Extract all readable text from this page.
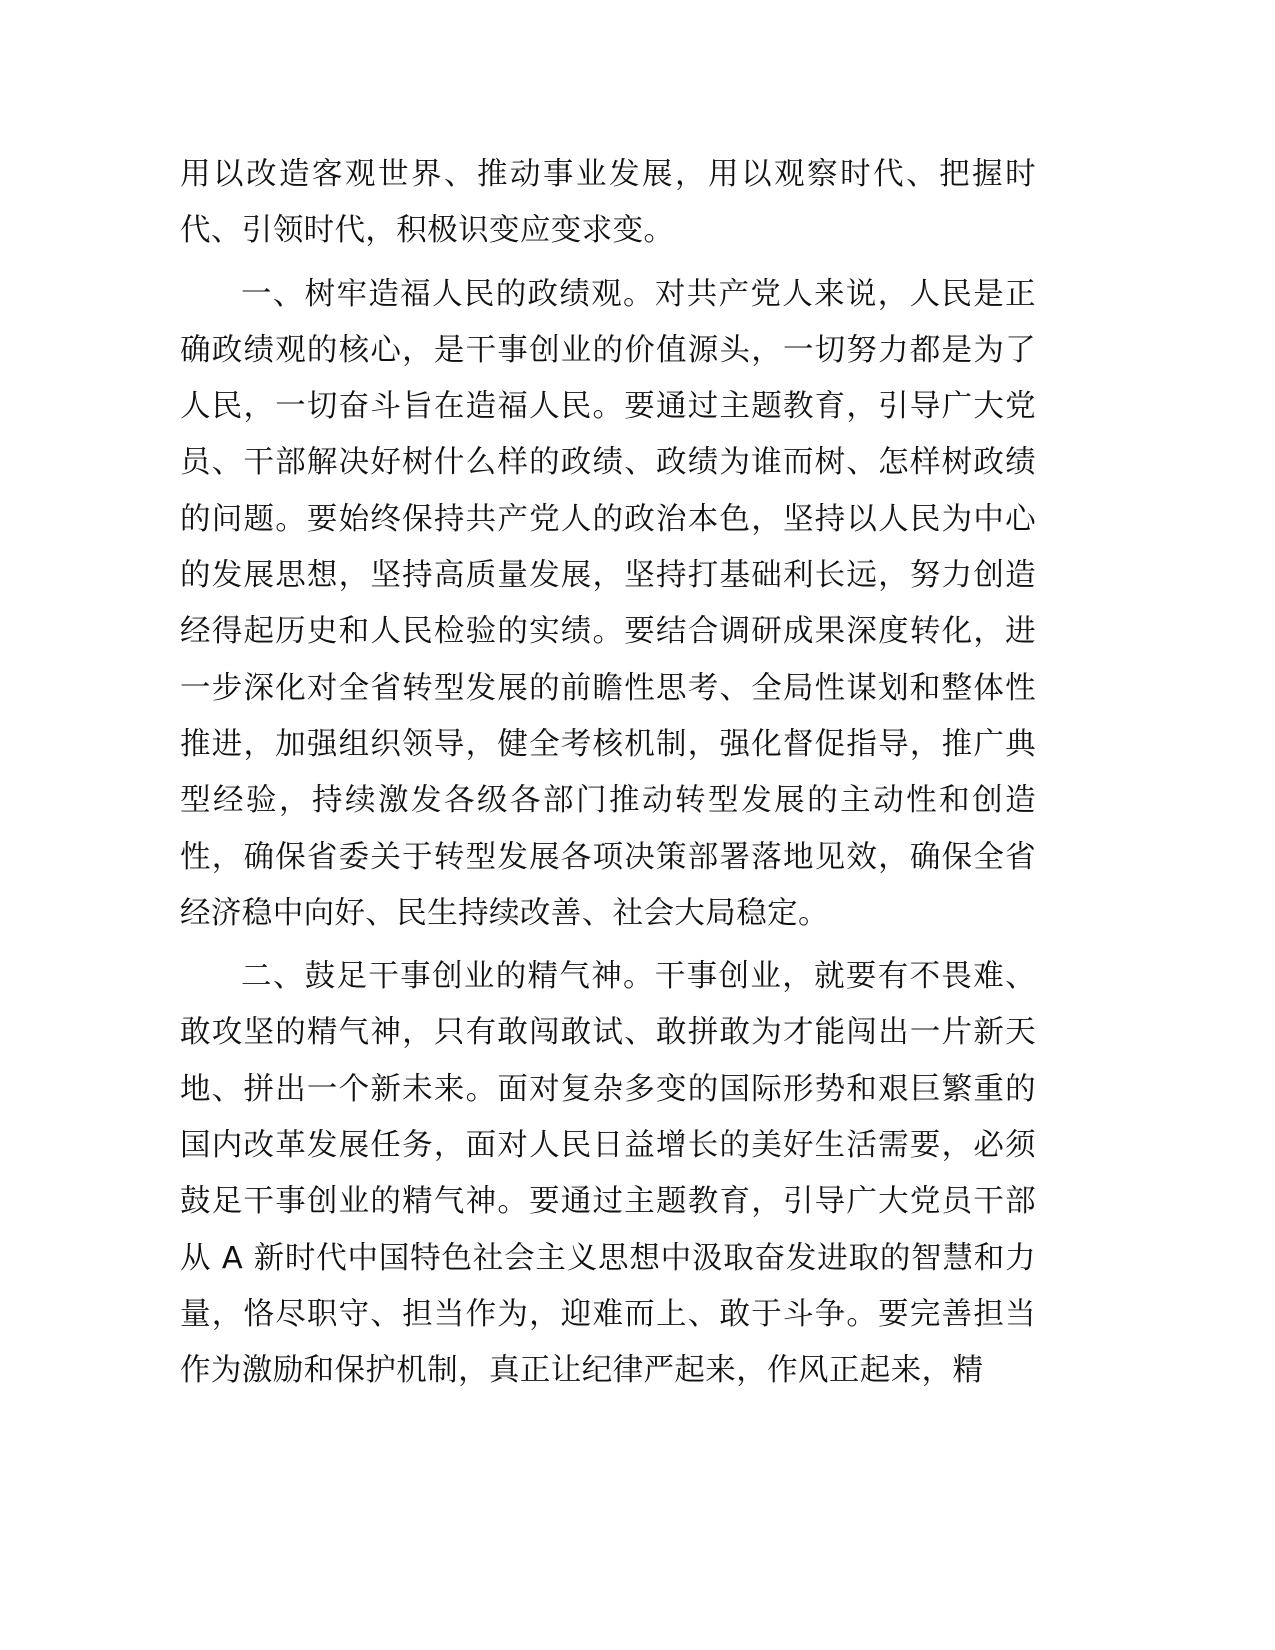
用以改造客观世界、推动事业发展，用以观察时代、把握时代、引领时代，积极识变应变求变。

一、树牢造福人民的政绩观。对共产党人来说，人民是正确政绩观的核心，是干事创业的价值源头，一切努力都是为了人民，一切奋斗旨在造福人民。要通过主题教育，引导广大党员、干部解决好树什么样的政绩、政绩为谁而树、怎样树政绩的问题。要始终保持共产党人的政治本色，坚持以人民为中心的发展思想，坚持高质量发展，坚持打基础利长远，努力创造经得起历史和人民检验的实绩。要结合调研成果深度转化，进一步深化对全省转型发展的前瞻性思考、全局性谋划和整体性推进，加强组织领导，健全考核机制，强化督促指导，推广典型经验，持续激发各级各部门推动转型发展的主动性和创造性，确保省委关于转型发展各项决策部署落地见效，确保全省经济稳中向好、民生持续改善、社会大局稳定。

二、鼓足干事创业的精气神。干事创业，就要有不畏难、敢攻坚的精气神，只有敢闯敢试、敢拼敢为才能闯出一片新天地、拼出一个新未来。面对复杂多变的国际形势和艰巨繁重的国内改革发展任务，面对人民日益增长的美好生活需要，必须鼓足干事创业的精气神。要通过主题教育，引导广大党员干部从 A 新时代中国特色社会主义思想中汲取奋发进取的智慧和力量，恪尽职守、担当作为，迎难而上、敢于斗争。要完善担当作为激励和保护机制，真正让纪律严起来，作风正起来，精
